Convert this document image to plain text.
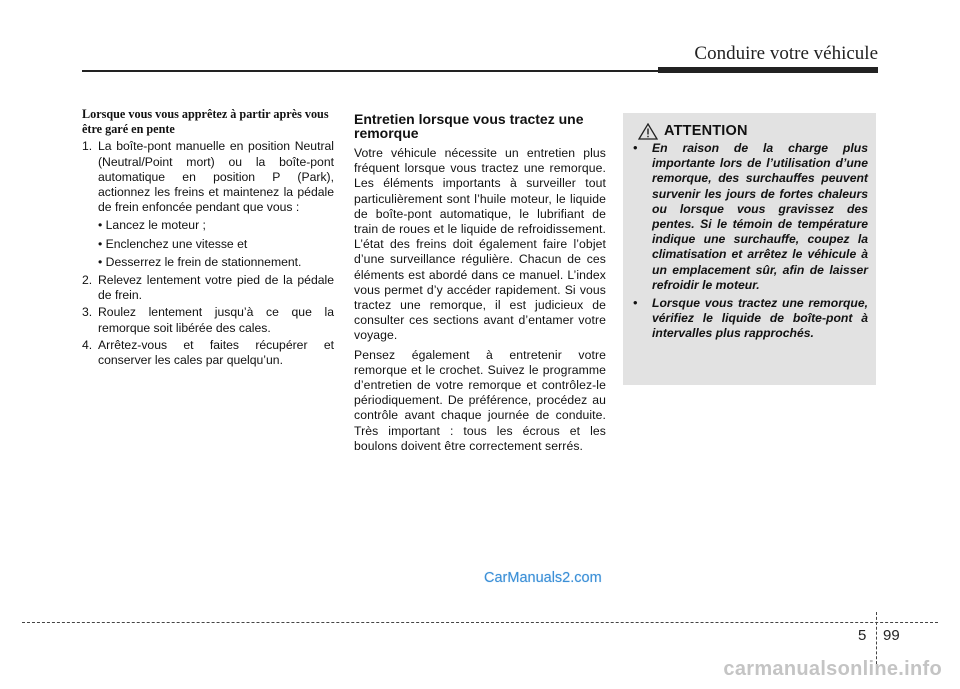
Conduire votre véhicule
Lorsque vous vous apprêtez à partir après vous être garé en pente
1. La boîte-pont manuelle en position Neutral (Neutral/Point mort) ou la boîte-pont automatique en position P (Park), actionnez les freins et maintenez la pédale de frein enfoncée pendant que vous :
• Lancez le moteur ;
• Enclenchez une vitesse et
• Desserrez le frein de stationnement.
2. Relevez lentement votre pied de la pédale de frein.
3. Roulez lentement jusqu’à ce que la remorque soit libérée des cales.
4. Arrêtez-vous et faites récupérer et conserver les cales par quelqu’un.
Entretien lorsque vous tractez une remorque

Votre véhicule nécessite un entretien plus fréquent lorsque vous tractez une remorque. Les éléments importants à surveiller tout particulièrement sont l’huile moteur, le liquide de boîte-pont automatique, le lubrifiant de train de roues et le liquide de refroidissement. L’état des freins doit également faire l’objet d’une surveillance régulière. Chacun de ces éléments est abordé dans ce manuel. L’index vous permet d’y accéder rapidement. Si vous tractez une remorque, il est judicieux de consulter ces sections avant d’entamer votre voyage.

Pensez également à entretenir votre remorque et le crochet. Suivez le programme d’entretien de votre remorque et contrôlez-le périodiquement. De préférence, procédez au contrôle avant chaque journée de conduite. Très important : tous les écrous et les boulons doivent être correctement serrés.

ATTENTION
• En raison de la charge plus importante lors de l’utilisation d’une remorque, des surchauffes peuvent survenir les jours de fortes chaleurs ou lorsque vous gravissez des pentes. Si le témoin de température indique une surchauffe, coupez la climatisation et arrêtez le véhicule à un emplacement sûr, afin de laisser refroidir le moteur.
• Lorsque vous tractez une remorque, vérifiez le liquide de boîte-pont à intervalles plus rapprochés.
CarManuals2.com
5 99
carmanualsonline.info
